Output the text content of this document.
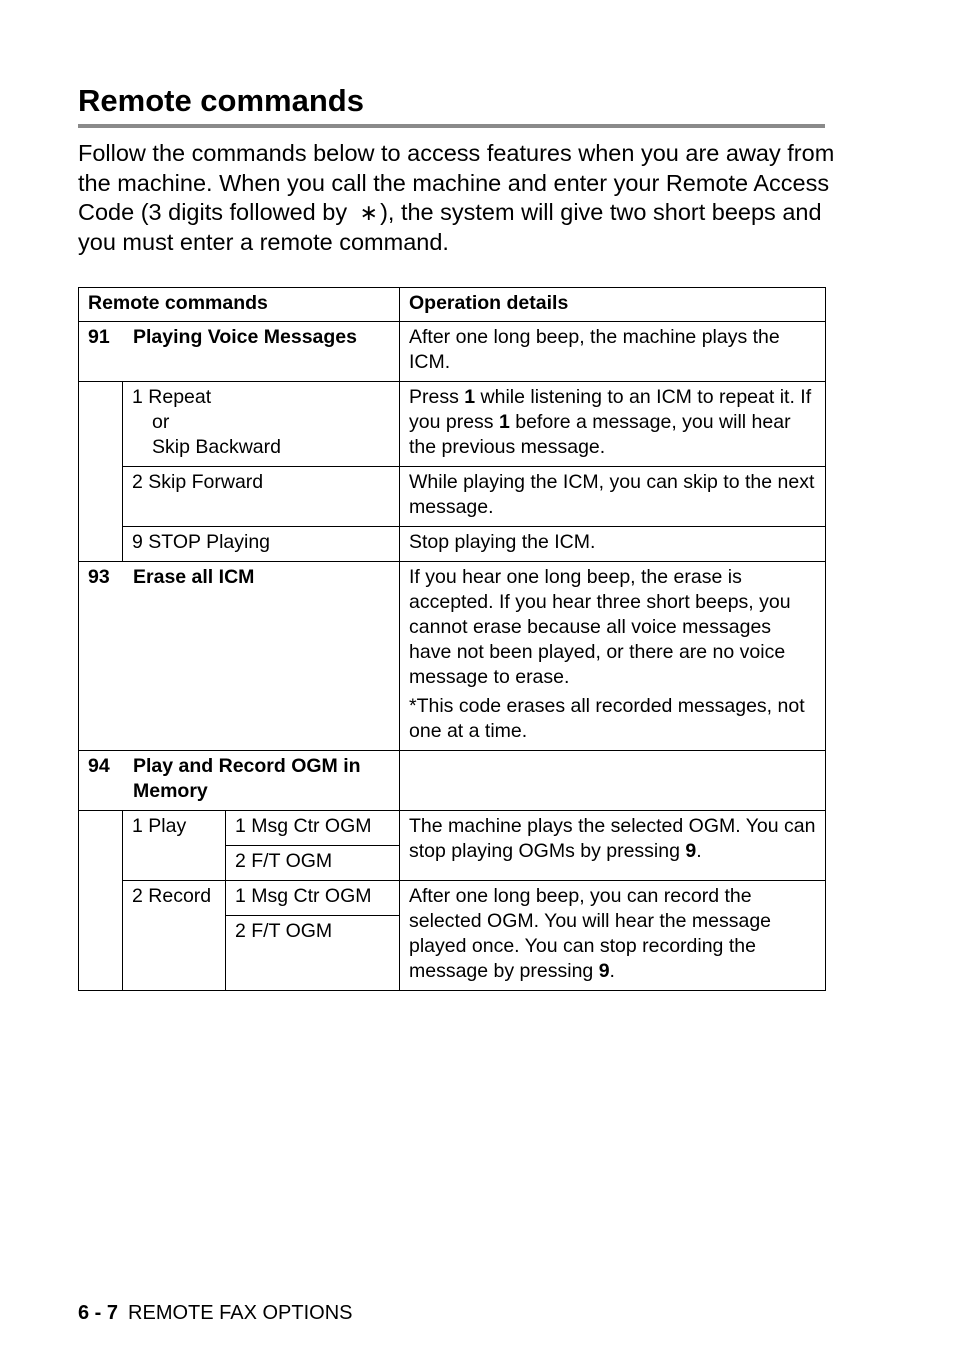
Remote commands

Follow the commands below to access features when you are away from the machine. When you call the machine and enter your Remote Access Code (3 digits followed by ∗), the system will give two short beeps and you must enter a remote command.

Remote commands			Operation details
91 Playing Voice Messages			After one long beep, the machine plays the ICM.

	1 Repeat
or
Skip Backward		Press 1 while listening to an ICM to repeat it. If you press 1 before a message, you will hear the previous message.
	2 Skip Forward		While playing the ICM, you can skip to the next message.
	9 STOP Playing		Stop playing the ICM.
93 Erase all ICM			If you hear one long beep, the erase is accepted. If you hear three short beeps, you cannot erase because all voice messages have not been played, or there are no voice message to erase.
*This code erases all recorded messages, not one at a time.

94 Play and Record OGM in Memory			

	1 Play	1 Msg Ctr OGM	The machine plays the selected OGM. You can stop playing OGMs by pressing 9.
		2 F/T OGM	
	2 Record	1 Msg Ctr OGM	After one long beep, you can record the selected OGM. You will hear the message played once. You can stop recording the message by pressing 9.
		2 F/T OGM	
6 - 7 REMOTE FAX OPTIONS
